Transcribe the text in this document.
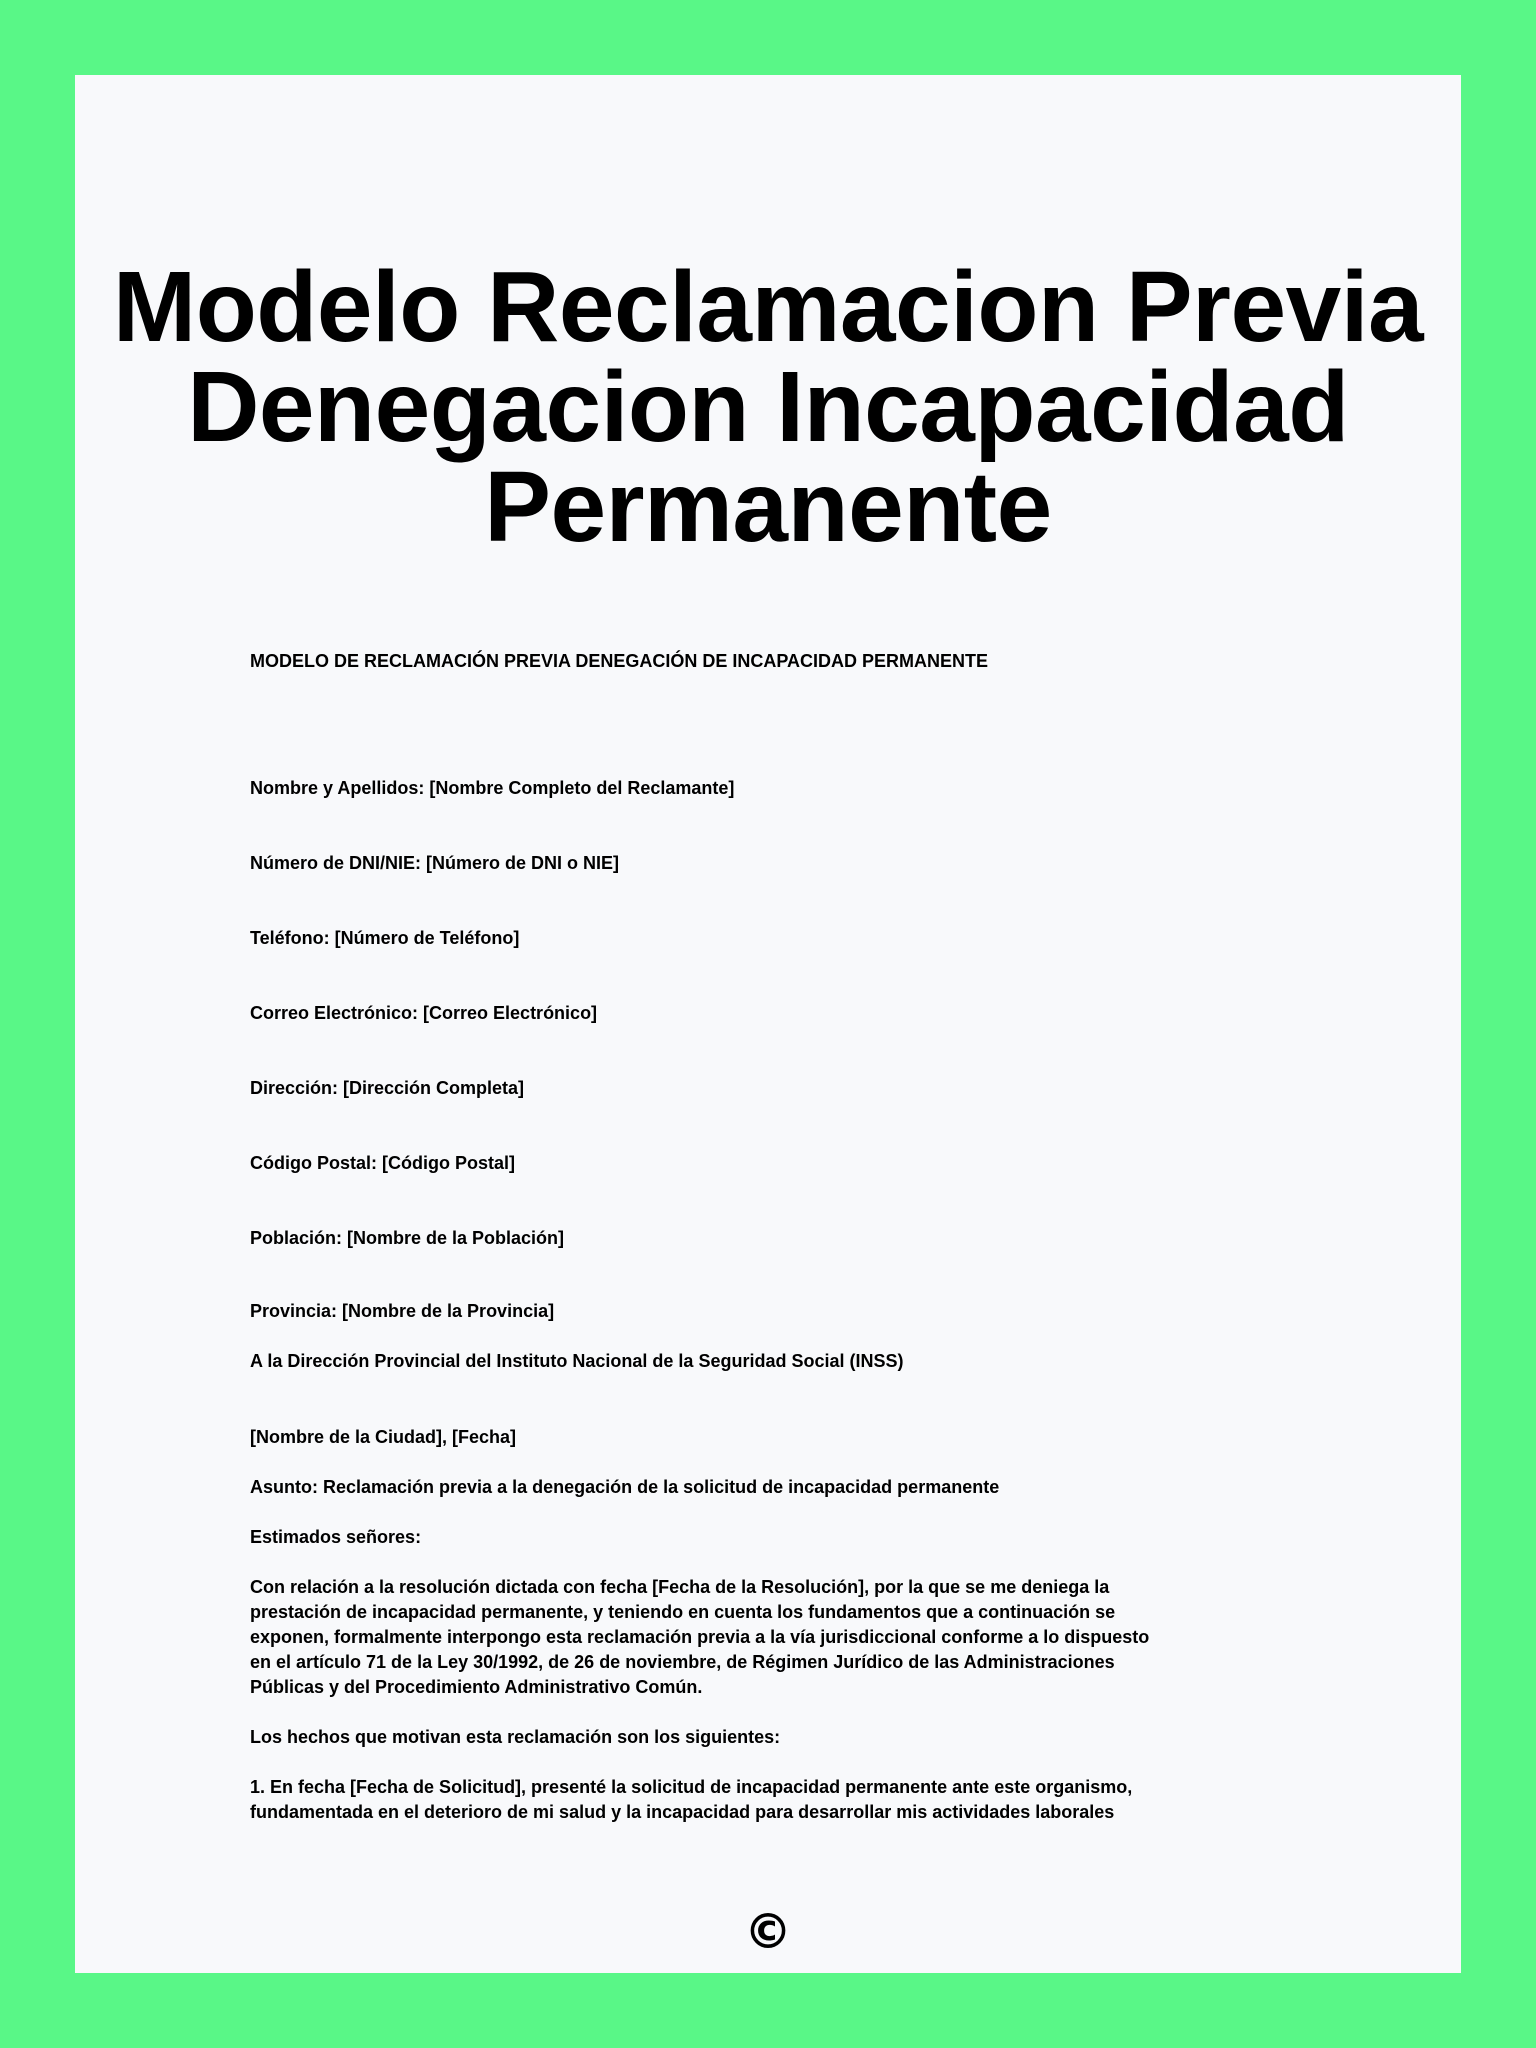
Modelo Reclamacion Previa
Denegacion Incapacidad
Permanente

MODELO DE RECLAMACIÓN PREVIA DENEGACIÓN DE INCAPACIDAD PERMANENTE

Nombre y Apellidos: [Nombre Completo del Reclamante]

Número de DNI/NIE: [Número de DNI o NIE]

Teléfono: [Número de Teléfono]

Correo Electrónico: [Correo Electrónico]

Dirección: [Dirección Completa]

Código Postal: [Código Postal]

Población: [Nombre de la Población]

Provincia: [Nombre de la Provincia]

A la Dirección Provincial del Instituto Nacional de la Seguridad Social (INSS)

[Nombre de la Ciudad], [Fecha]

Asunto: Reclamación previa a la denegación de la solicitud de incapacidad permanente

Estimados señores:

Con relación a la resolución dictada con fecha [Fecha de la Resolución], por la que se me deniega la
prestación de incapacidad permanente, y teniendo en cuenta los fundamentos que a continuación se
exponen, formalmente interpongo esta reclamación previa a la vía jurisdiccional conforme a lo dispuesto
en el artículo 71 de la Ley 30/1992, de 26 de noviembre, de Régimen Jurídico de las Administraciones
Públicas y del Procedimiento Administrativo Común.

Los hechos que motivan esta reclamación son los siguientes:

1. En fecha [Fecha de Solicitud], presenté la solicitud de incapacidad permanente ante este organismo,
fundamentada en el deterioro de mi salud y la incapacidad para desarrollar mis actividades laborales
©
